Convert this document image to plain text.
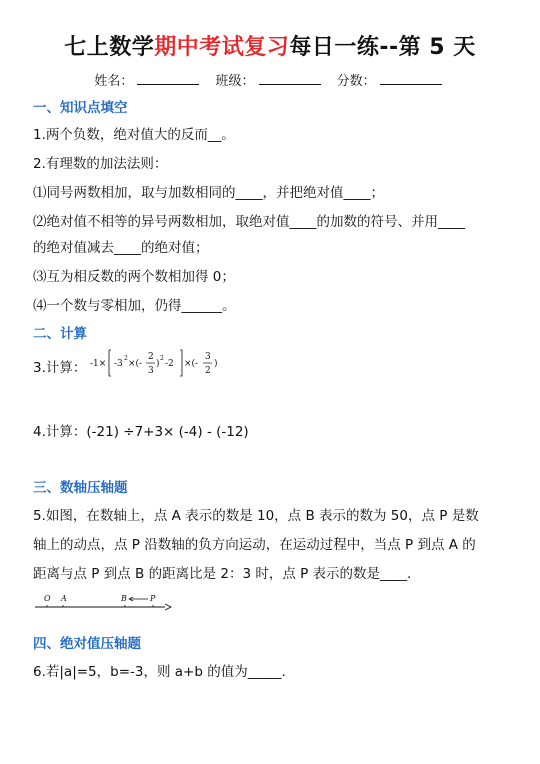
七上数学期中考试复习每日一练--第 5 天
姓名：	班级：	分数：
一、知识点填空
1.两个负数，绝对值大的反而__。
2.有理数的加法法则：
⑴同号两数相加，取与加数相同的____，并把绝对值____；
⑵绝对值不相等的异号两数相加，取绝对值____的加数的符号、并用____
的绝对值减去____的绝对值；
⑶互为相反数的两个数相加得 0；
⑷一个数与零相加，仍得______。
二、计算
3.计算： -1× -3
2
×(-
2
3
)
2
-2 ×(-
3
2
)
4.计算：(-21) ÷7+3× (-4) - (-12)
三、数轴压轴题
5.如图，在数轴上，点 A 表示的数是 10，点 B 表示的数为 50，点 P 是数
轴上的动点，点 P 沿数轴的负方向运动，在运动过程中，当点 P 到点 A 的
距离与点 P 到点 B 的距离比是 2：3 时，点 P 表示的数是____.
O A	B	P
四、绝对值压轴题
6.若|a|=5，b=-3，则 a+b 的值为_____.
